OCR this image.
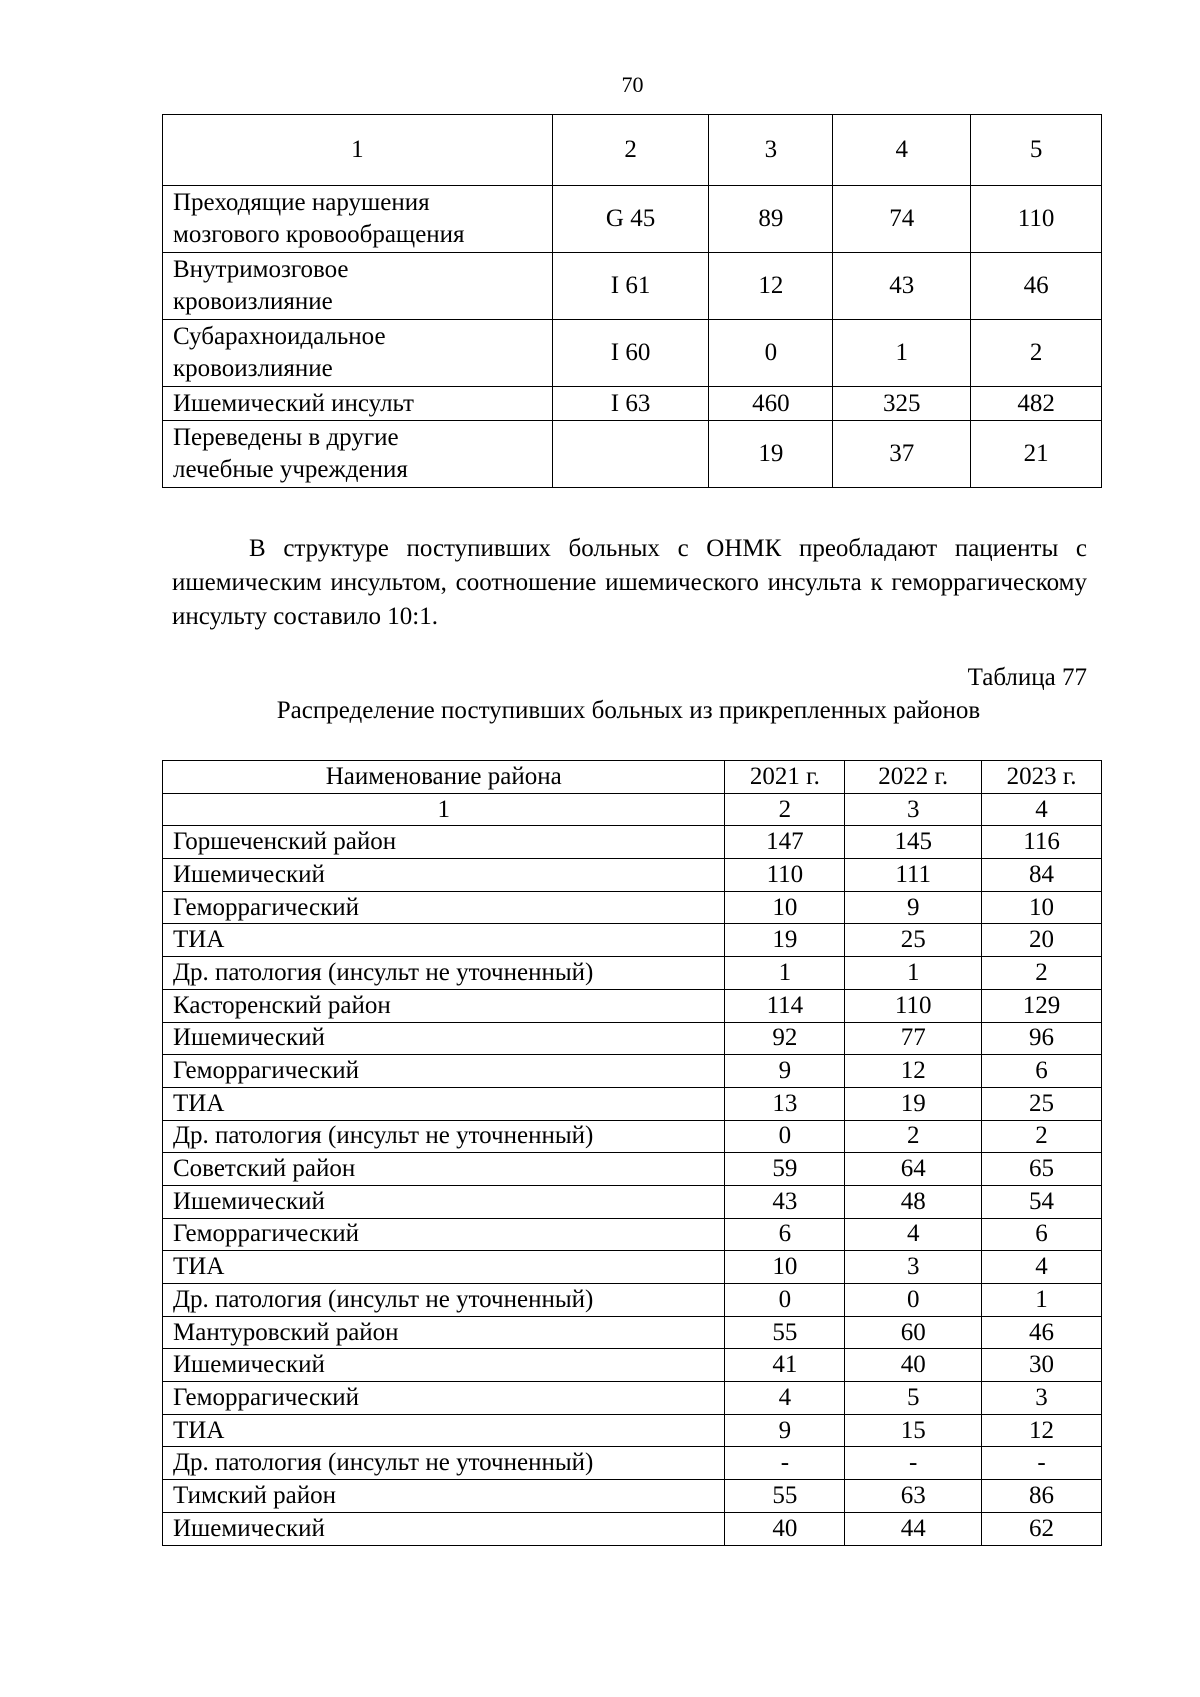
70
1	2	3	4	5
Преходящие нарушения
мозгового кровообращения	G 45	89	74	110
Внутримозговое
кровоизлияние	I 61	12	43	46
Субарахноидальное
кровоизлияние	I 60	0	1	2
Ишемический инсульт	I 63	460	325	482
Переведены в другие
лечебные учреждения		19	37	21

В структуре поступивших больных с ОНМК преобладают пациенты с ишемическим инсультом, соотношение ишемического инсульта к геморрагическому инсульту составило 10:1.

Таблица 77
Распределение поступивших больных из прикрепленных районов
Наименование района	2021 г.	2022 г.	2023 г.
1	2	3	4
Горшеченский район	147	145	116
Ишемический	110	111	84
Геморрагический	10	9	10
ТИА	19	25	20
Др. патология (инсульт не уточненный)	1	1	2
Касторенский район	114	110	129
Ишемический	92	77	96
Геморрагический	9	12	6
ТИА	13	19	25
Др. патология (инсульт не уточненный)	0	2	2
Советский район	59	64	65
Ишемический	43	48	54
Геморрагический	6	4	6
ТИА	10	3	4
Др. патология (инсульт не уточненный)	0	0	1
Мантуровский район	55	60	46
Ишемический	41	40	30
Геморрагический	4	5	3
ТИА	9	15	12
Др. патология (инсульт не уточненный)	-	-	-
Тимский район	55	63	86
Ишемический	40	44	62
